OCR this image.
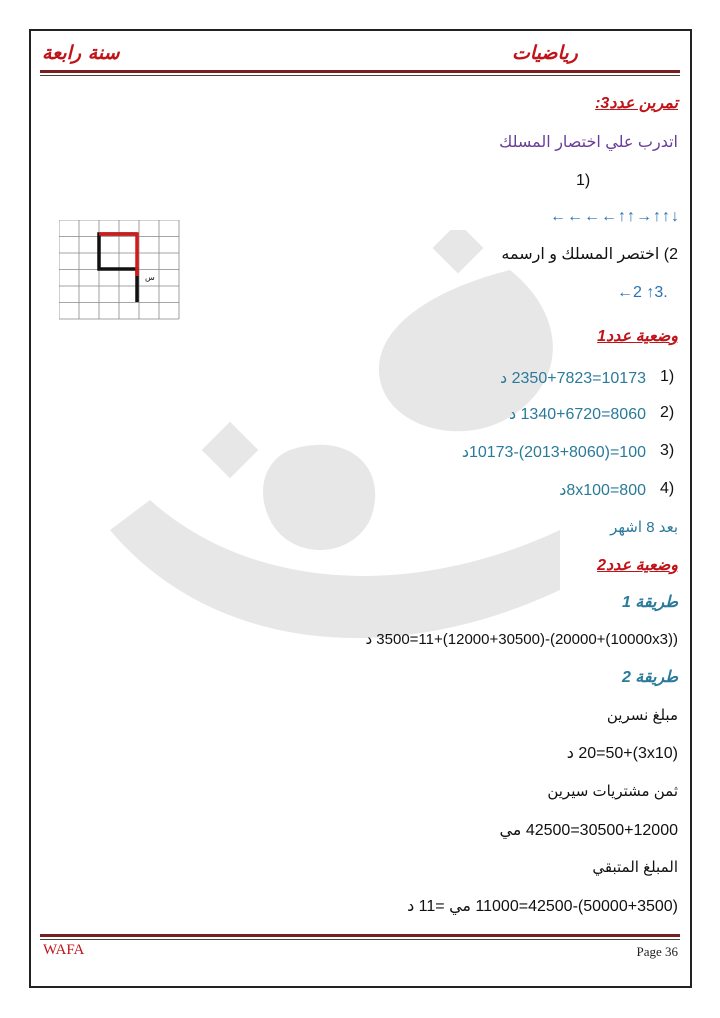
سنة رابعة	رياضيات
تمرين عدد3:
اتدرب علي اختصار المسلك
1)
←←←←↑↑→↑↑↓
2) اختصر المسلك و ارسمه
←2 ↑3.
س
وضعية عدد1
1)
10173=2350+7823 د
2)
8060=1340+6720 د
3)
100=(2013+8060)-10173د
4)
800=8x100د
بعد 8 اشهر
وضعية عدد2
طريقة 1
((10000x3)+20000)-(12000+30500)+3500=11 د
طريقة 2
مبلغ نسرين
(3x10)+20=50 د
ثمن مشتريات سيرين
30500+12000=42500 مي
المبلغ المتبقي
(50000+3500)-42500=11000 مي =11 د
WAFA	Page 36
